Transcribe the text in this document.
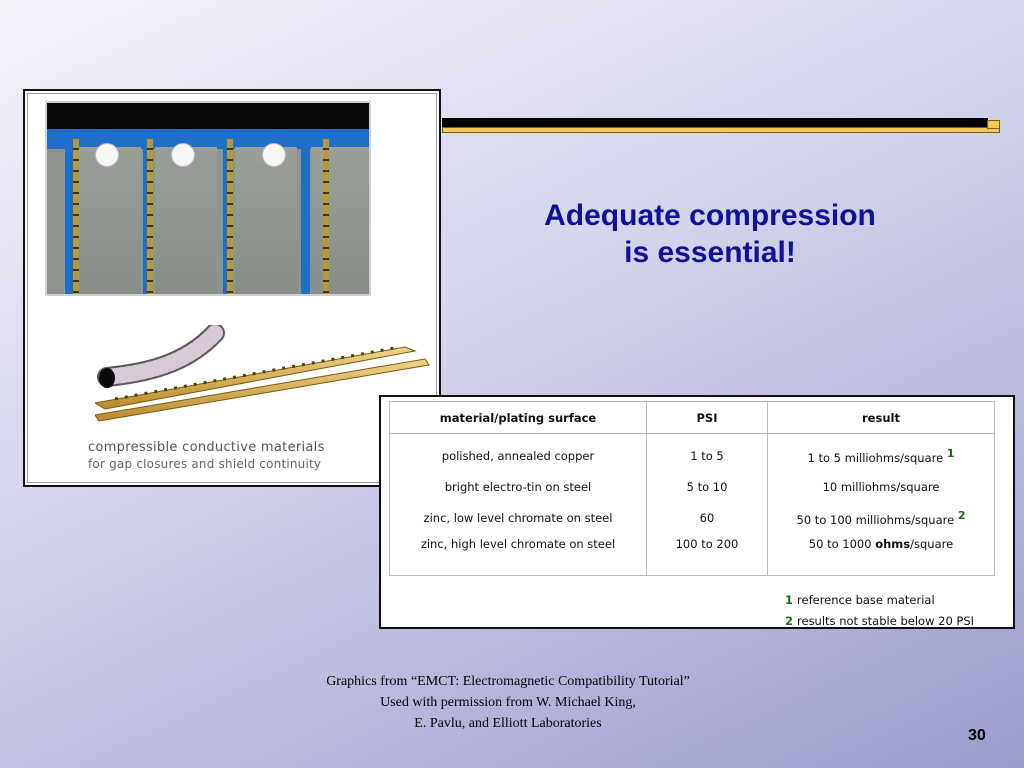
compressible conductive materials
for gap closures and shield continuity
Adequate compression
is essential!
material/plating surface	PSI	result
polished, annealed copper	1 to 5	1 to 5 milliohms/square $^1$
bright electro-tin on steel	5 to 10	10 milliohms/square
zinc, low level chromate on steel	60	50 to 100 milliohms/square $^2$
zinc, high level chromate on steel	100 to 200	50 to 1000 ohms/square
1 reference base material
2 results not stable below 20 PSI
Graphics from “EMCT: Electromagnetic Compatibility Tutorial”
Used with permission from W. Michael King,
E. Pavlu, and Elliott Laboratories
30
